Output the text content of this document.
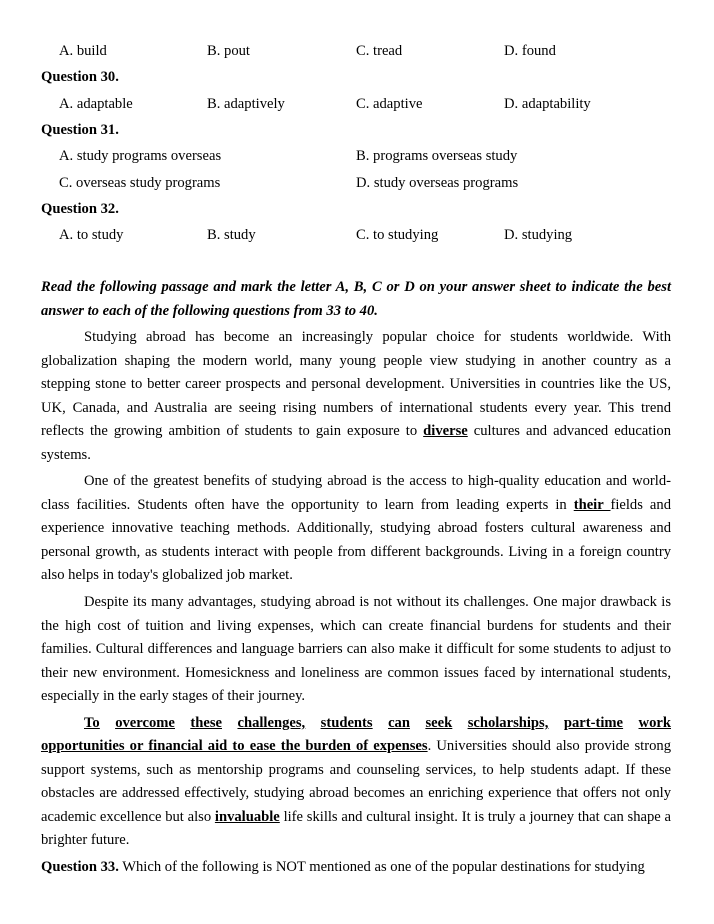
A. build	B. pout	C. tread	D. found
Question 30.
A. adaptable	B. adaptively	C. adaptive	D. adaptability
Question 31.
A. study programs overseas	B. programs overseas study
C. overseas study programs	D. study overseas programs
Question 32.
A. to study	B. study	C. to studying	D. studying
Read the following passage and mark the letter A, B, C or D on your answer sheet to indicate the best answer to each of the following questions from 33 to 40.
Studying abroad has become an increasingly popular choice for students worldwide. With globalization shaping the modern world, many young people view studying in another country as a stepping stone to better career prospects and personal development. Universities in countries like the US, UK, Canada, and Australia are seeing rising numbers of international students every year. This trend reflects the growing ambition of students to gain exposure to diverse cultures and advanced education systems.
One of the greatest benefits of studying abroad is the access to high-quality education and world- class facilities. Students often have the opportunity to learn from leading experts in their fields and experience innovative teaching methods. Additionally, studying abroad fosters cultural awareness and personal growth, as students interact with people from different backgrounds. Living in a foreign country also helps in today's globalized job market.
Despite its many advantages, studying abroad is not without its challenges. One major drawback is the high cost of tuition and living expenses, which can create financial burdens for students and their families. Cultural differences and language barriers can also make it difficult for some students to adjust to their new environment. Homesickness and loneliness are common issues faced by international students, especially in the early stages of their journey.
To overcome these challenges, students can seek scholarships, part-time work
opportunities or financial aid to ease the burden of expenses. Universities should also provide strong support systems, such as mentorship programs and counseling services, to help students adapt. If these obstacles are addressed effectively, studying abroad becomes an enriching experience that offers not only academic excellence but also invaluable life skills and cultural insight. It is truly a journey that can shape a brighter future.
Question 33. Which of the following is NOT mentioned as one of the popular destinations for studying
